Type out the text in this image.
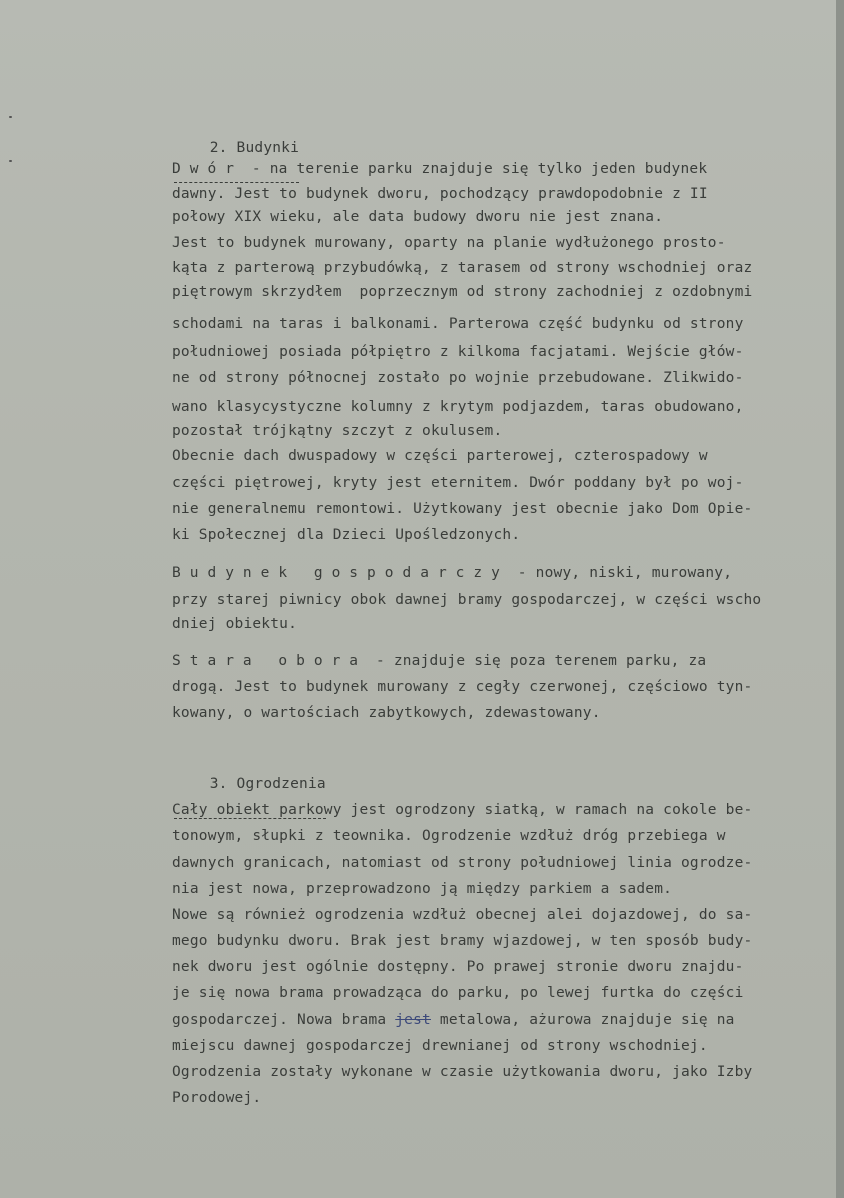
2. Budynki

Dwór - na terenie parku znajduje się tylko jeden budynek
dawny. Jest to budynek dworu, pochodzący prawdopodobnie z II
połowy XIX wieku, ale data budowy dworu nie jest znana.
Jest to budynek murowany, oparty na planie wydłużonego prosto-
kąta z parterową przybudówką, z tarasem od strony wschodniej oraz
piętrowym skrzydłem  poprzecznym od strony zachodniej z ozdobnymi
schodami na taras i balkonami. Parterowa część budynku od strony
południowej posiada półpiętro z kilkoma facjatami. Wejście głów-
ne od strony północnej zostało po wojnie przebudowane. Zlikwido-
wano klasycystyczne kolumny z krytym podjazdem, taras obudowano,
pozostał trójkątny szczyt z okulusem.
Obecnie dach dwuspadowy w części parterowej, czterospadowy w
części piętrowej, kryty jest eternitem. Dwór poddany był po woj-
nie generalnemu remontowi. Użytkowany jest obecnie jako Dom Opie-
ki Społecznej dla Dzieci Upośledzonych.
Budynek gospodarczy - nowy, niski, murowany,
przy starej piwnicy obok dawnej bramy gospodarczej, w części wscho
dniej obiektu.
Stara obora - znajduje się poza terenem parku, za
drogą. Jest to budynek murowany z cegły czerwonej, częściowo tyn-
kowany, o wartościach zabytkowych, zdewastowany.

3. Ogrodzenia

Cały obiekt parkowy jest ogrodzony siatką, w ramach na cokole be-
tonowym, słupki z teownika. Ogrodzenie wzdłuż dróg przebiega w
dawnych granicach, natomiast od strony południowej linia ogrodze-
nia jest nowa, przeprowadzono ją między parkiem a sadem.
Nowe są również ogrodzenia wzdłuż obecnej alei dojazdowej, do sa-
mego budynku dworu. Brak jest bramy wjazdowej, w ten sposób budy-
nek dworu jest ogólnie dostępny. Po prawej stronie dworu znajdu-
je się nowa brama prowadząca do parku, po lewej furtka do części
gospodarczej. Nowa brama jest metalowa, ażurowa znajduje się na
miejscu dawnej gospodarczej drewnianej od strony wschodniej.
Ogrodzenia zostały wykonane w czasie użytkowania dworu, jako Izby
Porodowej.
